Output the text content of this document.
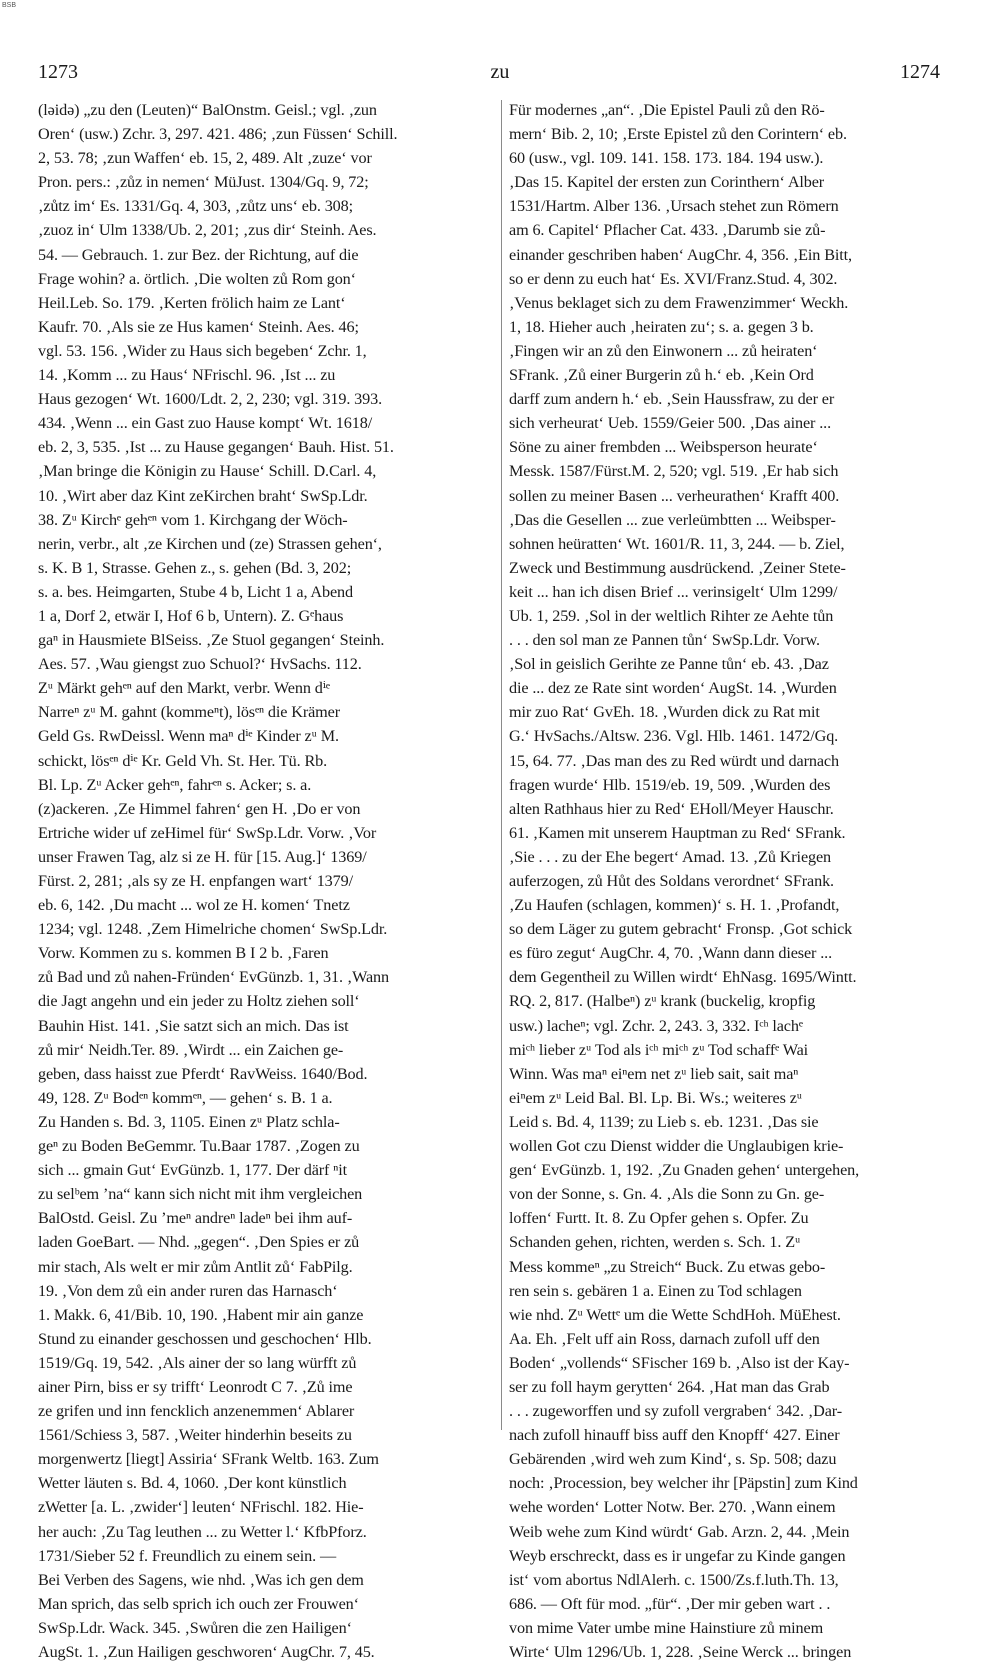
BSB
1273	zu	1274
(ləidə) „zu den (Leuten)“ BalOnstm. Geisl.; vgl. ‚zun
Oren‘ (usw.) Zchr. 3, 297. 421. 486; ‚zun Füssen‘ Schill.
2, 53. 78; ‚zun Waffen‘ eb. 15, 2, 489. Alt ‚zuze‘ vor
Pron. pers.: ‚zůz in nemen‘ MüJust. 1304/Gq. 9, 72;
‚zůtz im‘ Es. 1331/Gq. 4, 303, ‚zůtz uns‘ eb. 308;
‚zuoz in‘ Ulm 1338/Ub. 2, 201; ‚zus dir‘ Steinh. Aes.
54. — Gebrauch. 1. zur Bez. der Richtung, auf die
Frage wohin? a. örtlich. ‚Die wolten zů Rom gon‘
Heil.Leb. So. 179. ‚Kerten frölich haim ze Lant‘
Kaufr. 70. ‚Als sie ze Hus kamen‘ Steinh. Aes. 46;
vgl. 53. 156. ‚Wider zu Haus sich begeben‘ Zchr. 1,
14. ‚Komm ... zu Haus‘ NFrischl. 96. ‚Ist ... zu
Haus gezogen‘ Wt. 1600/Ldt. 2, 2, 230; vgl. 319. 393.
434. ‚Wenn ... ein Gast zuo Hause kompt‘ Wt. 1618/
eb. 2, 3, 535. ‚Ist ... zu Hause gegangen‘ Bauh. Hist. 51.
‚Man bringe die Königin zu Hause‘ Schill. D.Carl. 4,
10. ‚Wirt aber daz Kint zeKirchen braht‘ SwSp.Ldr.
38. Zᵘ Kirchᵉ gehᵉⁿ vom 1. Kirchgang der Wöch-
nerin, verbr., alt ‚ze Kirchen und (ze) Strassen gehen‘,
s. K. B 1, Strasse. Gehen z., s. gehen (Bd. 3, 202;
s. a. bes. Heimgarten, Stube 4 b, Licht 1 a, Abend
1 a, Dorf 2, etwär I, Hof 6 b, Untern). Z. Gᵉhaus
gaⁿ in Hausmiete BlSeiss. ‚Ze Stuol gegangen‘ Steinh.
Aes. 57. ‚Wau giengst zuo Schuol?‘ HvSachs. 112.
Zᵘ Märkt gehᵉⁿ auf den Markt, verbr. Wenn dⁱᵉ
Narreⁿ zᵘ M. gahnt (kommeⁿt), lösᵉⁿ die Krämer
Geld Gs. RwDeissl. Wenn maⁿ dⁱᵉ Kinder zᵘ M.
schickt, lösᵉⁿ dⁱᵉ Kr. Geld Vh. St. Her. Tü. Rb.
Bl. Lp. Zᵘ Acker gehᵉⁿ, fahrᵉⁿ s. Acker; s. a.
(z)ackeren. ‚Ze Himmel fahren‘ gen H. ‚Do er von
Ertriche wider uf zeHimel für‘ SwSp.Ldr. Vorw. ‚Vor
unser Frawen Tag, alz si ze H. für [15. Aug.]‘ 1369/
Fürst. 2, 281; ‚als sy ze H. enpfangen wart‘ 1379/
eb. 6, 142. ‚Du macht ... wol ze H. komen‘ Tnetz
1234; vgl. 1248. ‚Zem Himelriche chomen‘ SwSp.Ldr.
Vorw. Kommen zu s. kommen B I 2 b. ‚Faren
zů Bad und zů nahen-Fründen‘ EvGünzb. 1, 31. ‚Wann
die Jagt angehn und ein jeder zu Holtz ziehen soll‘
Bauhin Hist. 141. ‚Sie satzt sich an mich. Das ist
zů mir‘ Neidh.Ter. 89. ‚Wirdt ... ein Zaichen ge-
geben, dass haisst zue Pferdt‘ RavWeiss. 1640/Bod.
49, 128. Zᵘ Bodᵉⁿ kommᵉⁿ, — gehen‘ s. B. 1 a.
Zu Handen s. Bd. 3, 1105. Einen zᵘ Platz schla-
geⁿ zu Boden BeGemmr. Tu.Baar 1787. ‚Zogen zu
sich ... gmain Gut‘ EvGünzb. 1, 177. Der därf ⁿit
zu selᵇem ’na“ kann sich nicht mit ihm vergleichen
BalOstd. Geisl. Zu ’meⁿ andreⁿ ladeⁿ bei ihm auf-
laden GoeBart. — Nhd. „gegen“. ‚Den Spies er zů
mir stach, Als welt er mir zům Antlit zů‘ FabPilg.
19. ‚Von dem zů ein ander ruren das Harnasch‘
1. Makk. 6, 41/Bib. 10, 190. ‚Habent mir ain ganze
Stund zu einander geschossen und geschochen‘ Hlb.
1519/Gq. 19, 542. ‚Als ainer der so lang würfft zů
ainer Pirn, biss er sy trifft‘ Leonrodt C 7. ‚Zů ime
ze grifen und inn fencklich anzenemmen‘ Ablarer
1561/Schiess 3, 587. ‚Weiter hinderhin beseits zu
morgenwertz [liegt] Assiria‘ SFrank Weltb. 163. Zum
Wetter läuten s. Bd. 4, 1060. ‚Der kont künstlich
zWetter [a. L. ‚zwider‘] leuten‘ NFrischl. 182. Hie-
her auch: ‚Zu Tag leuthen ... zu Wetter l.‘ KfbPforz.
1731/Sieber 52 f. Freundlich zu einem sein. —
Bei Verben des Sagens, wie nhd. ‚Was ich gen dem
Man sprich, das selb sprich ich ouch zer Frouwen‘
SwSp.Ldr. Wack. 345. ‚Swůren die zen Hailigen‘
AugSt. 1. ‚Zun Hailigen geschworen‘ AugChr. 7, 45.
Für modernes „an“. ‚Die Epistel Pauli zů den Rö-
mern‘ Bib. 2, 10; ‚Erste Epistel zů den Corintern‘ eb.
60 (usw., vgl. 109. 141. 158. 173. 184. 194 usw.).
‚Das 15. Kapitel der ersten zun Corinthern‘ Alber
1531/Hartm. Alber 136. ‚Ursach stehet zun Römern
am 6. Capitel‘ Pflacher Cat. 433. ‚Darumb sie zů-
einander geschriben haben‘ AugChr. 4, 356. ‚Ein Bitt,
so er denn zu euch hat‘ Es. XVI/Franz.Stud. 4, 302.
‚Venus beklaget sich zu dem Frawenzimmer‘ Weckh.
1, 18. Hieher auch ‚heiraten zu‘; s. a. gegen 3 b.
‚Fingen wir an zů den Einwonern ... zů heiraten‘
SFrank. ‚Zů einer Burgerin zů h.‘ eb. ‚Kein Ord
darff zum andern h.‘ eb. ‚Sein Haussfraw, zu der er
sich verheurat‘ Ueb. 1559/Geier 500. ‚Das ainer ...
Söne zu ainer frembden ... Weibsperson heurate‘
Messk. 1587/Fürst.M. 2, 520; vgl. 519. ‚Er hab sich
sollen zu meiner Basen ... verheurathen‘ Krafft 400.
‚Das die Gesellen ... zue verleümbtten ... Weibsper-
sohnen heüratten‘ Wt. 1601/R. 11, 3, 244. — b. Ziel,
Zweck und Bestimmung ausdrückend. ‚Zeiner Stete-
keit ... han ich disen Brief ... verinsigelt‘ Ulm 1299/
Ub. 1, 259. ‚Sol in der weltlich Rihter ze Aehte tůn
. . . den sol man ze Pannen tůn‘ SwSp.Ldr. Vorw.
‚Sol in geislich Gerihte ze Panne tůn‘ eb. 43. ‚Daz
die ... dez ze Rate sint worden‘ AugSt. 14. ‚Wurden
mir zuo Rat‘ GvEh. 18. ‚Wurden dick zu Rat mit
G.‘ HvSachs./Altsw. 236. Vgl. Hlb. 1461. 1472/Gq.
15, 64. 77. ‚Das man des zu Red würdt und darnach
fragen wurde‘ Hlb. 1519/eb. 19, 509. ‚Wurden des
alten Rathhaus hier zu Red‘ EHoll/Meyer Hauschr.
61. ‚Kamen mit unserem Hauptman zu Red‘ SFrank.
‚Sie . . . zu der Ehe begert‘ Amad. 13. ‚Zů Kriegen
auferzogen, zů Hůt des Soldans verordnet‘ SFrank.
‚Zu Haufen (schlagen, kommen)‘ s. H. 1. ‚Profandt,
so dem Läger zu gutem gebracht‘ Fronsp. ‚Got schick
es füro zegut‘ AugChr. 4, 70. ‚Wann dann dieser ...
dem Gegentheil zu Willen wirdt‘ EhNasg. 1695/Wintt.
RQ. 2, 817. (Halbeⁿ) zᵘ krank (buckelig, kropfig
usw.) lacheⁿ; vgl. Zchr. 2, 243. 3, 332. Iᶜʰ lachᵉ
miᶜʰ lieber zᵘ Tod als iᶜʰ miᶜʰ zᵘ Tod schaffᵉ Wai
Winn. Was maⁿ eiⁿem net zᵘ lieb sait, sait maⁿ
eiⁿem zᵘ Leid Bal. Bl. Lp. Bi. Ws.; weiteres zᵘ
Leid s. Bd. 4, 1139; zu Lieb s. eb. 1231. ‚Das sie
wollen Got czu Dienst widder die Unglaubigen krie-
gen‘ EvGünzb. 1, 192. ‚Zu Gnaden gehen‘ untergehen,
von der Sonne, s. Gn. 4. ‚Als die Sonn zu Gn. ge-
loffen‘ Furtt. It. 8. Zu Opfer gehen s. Opfer. Zu
Schanden gehen, richten, werden s. Sch. 1. Zᵘ
Mess kommeⁿ „zu Streich“ Buck. Zu etwas gebo-
ren sein s. gebären 1 a. Einen zu Tod schlagen
wie nhd. Zᵘ Wettᵉ um die Wette SchdHoh. MüEhest.
Aa. Eh. ‚Felt uff ain Ross, darnach zufoll uff den
Boden‘ „vollends“ SFischer 169 b. ‚Also ist der Kay-
ser zu foll haym gerytten‘ 264. ‚Hat man das Grab
. . . zugeworffen und sy zufoll vergraben‘ 342. ‚Dar-
nach zufoll hinauff biss auff den Knopff‘ 427. Einer
Gebärenden ‚wird weh zum Kind‘, s. Sp. 508; dazu
noch: ‚Procession, bey welcher ihr [Päpstin] zum Kind
wehe worden‘ Lotter Notw. Ber. 270. ‚Wann einem
Weib wehe zum Kind würdt‘ Gab. Arzn. 2, 44. ‚Mein
Weyb erschreckt, dass es ir ungefar zu Kinde gangen
ist‘ vom abortus NdlAlerh. c. 1500/Zs.f.luth.Th. 13,
686. — Oft für mod. „für“. ‚Der mir geben wart . .
von mime Vater umbe mine Hainstiure zů minem
Wirte‘ Ulm 1296/Ub. 1, 228. ‚Seine Werck ... bringen
